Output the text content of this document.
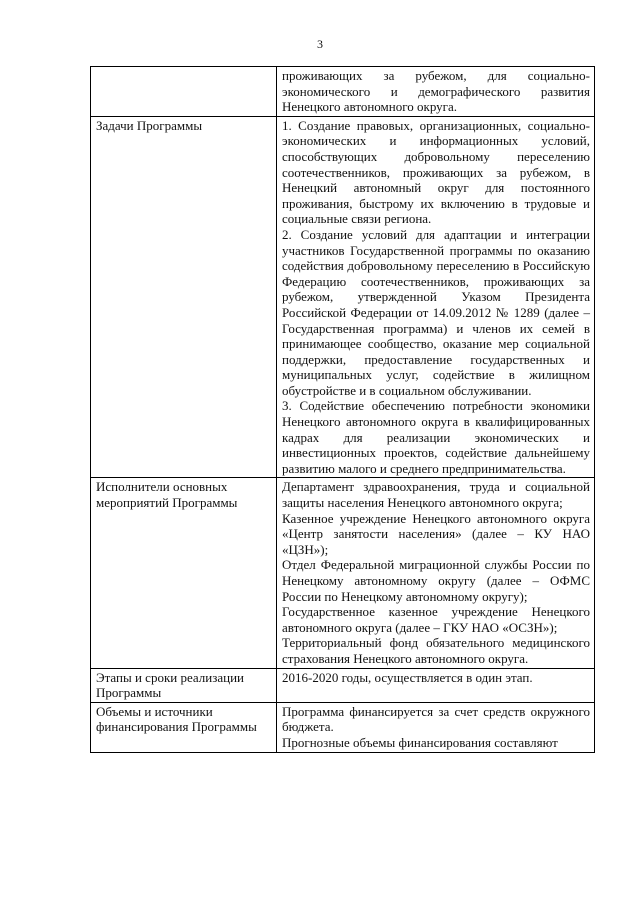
3

	проживающих за рубежом, для социально-экономического и демографического развития Ненецкого автономного округа.

Задачи Программы	1. Создание правовых, организационных, социально-экономических и информационных условий, способствующих добровольному переселению соотечественников, проживающих за рубежом, в Ненецкий автономный округ для постоянного проживания, быстрому их включению в трудовые и социальные связи региона.

2. Создание условий для адаптации и интеграции участников Государственной программы по оказанию содействия добровольному переселению в Российскую Федерацию соотечественников, проживающих за рубежом, утвержденной Указом Президента Российской Федерации от 14.09.2012 № 1289 (далее – Государственная программа) и членов их семей в принимающее сообщество, оказание мер социальной поддержки, предоставление государственных и муниципальных услуг, содействие в жилищном обустройстве и в социальном обслуживании.

3. Содействие обеспечению потребности экономики Ненецкого автономного округа в квалифицированных кадрах для реализации экономических и инвестиционных проектов, содействие дальнейшему развитию малого и среднего предпринимательства.

Исполнители основных мероприятий Программы	Департамент здравоохранения, труда и социальной защиты населения Ненецкого автономного округа;

Казенное учреждение Ненецкого автономного округа «Центр занятости населения» (далее – КУ НАО «ЦЗН»);

Отдел Федеральной миграционной службы России по Ненецкому автономному округу (далее – ОФМС России по Ненецкому автономному округу);

Государственное казенное учреждение Ненецкого автономного округа (далее – ГКУ НАО «ОСЗН»);

Территориальный фонд обязательного медицинского страхования Ненецкого автономного округа.

Этапы и сроки реализации Программы	2016-2020 годы, осуществляется в один этап.

Объемы и источники финансирования Программы	Программа финансируется за счет средств окружного бюджета.

Прогнозные объемы финансирования составляют
